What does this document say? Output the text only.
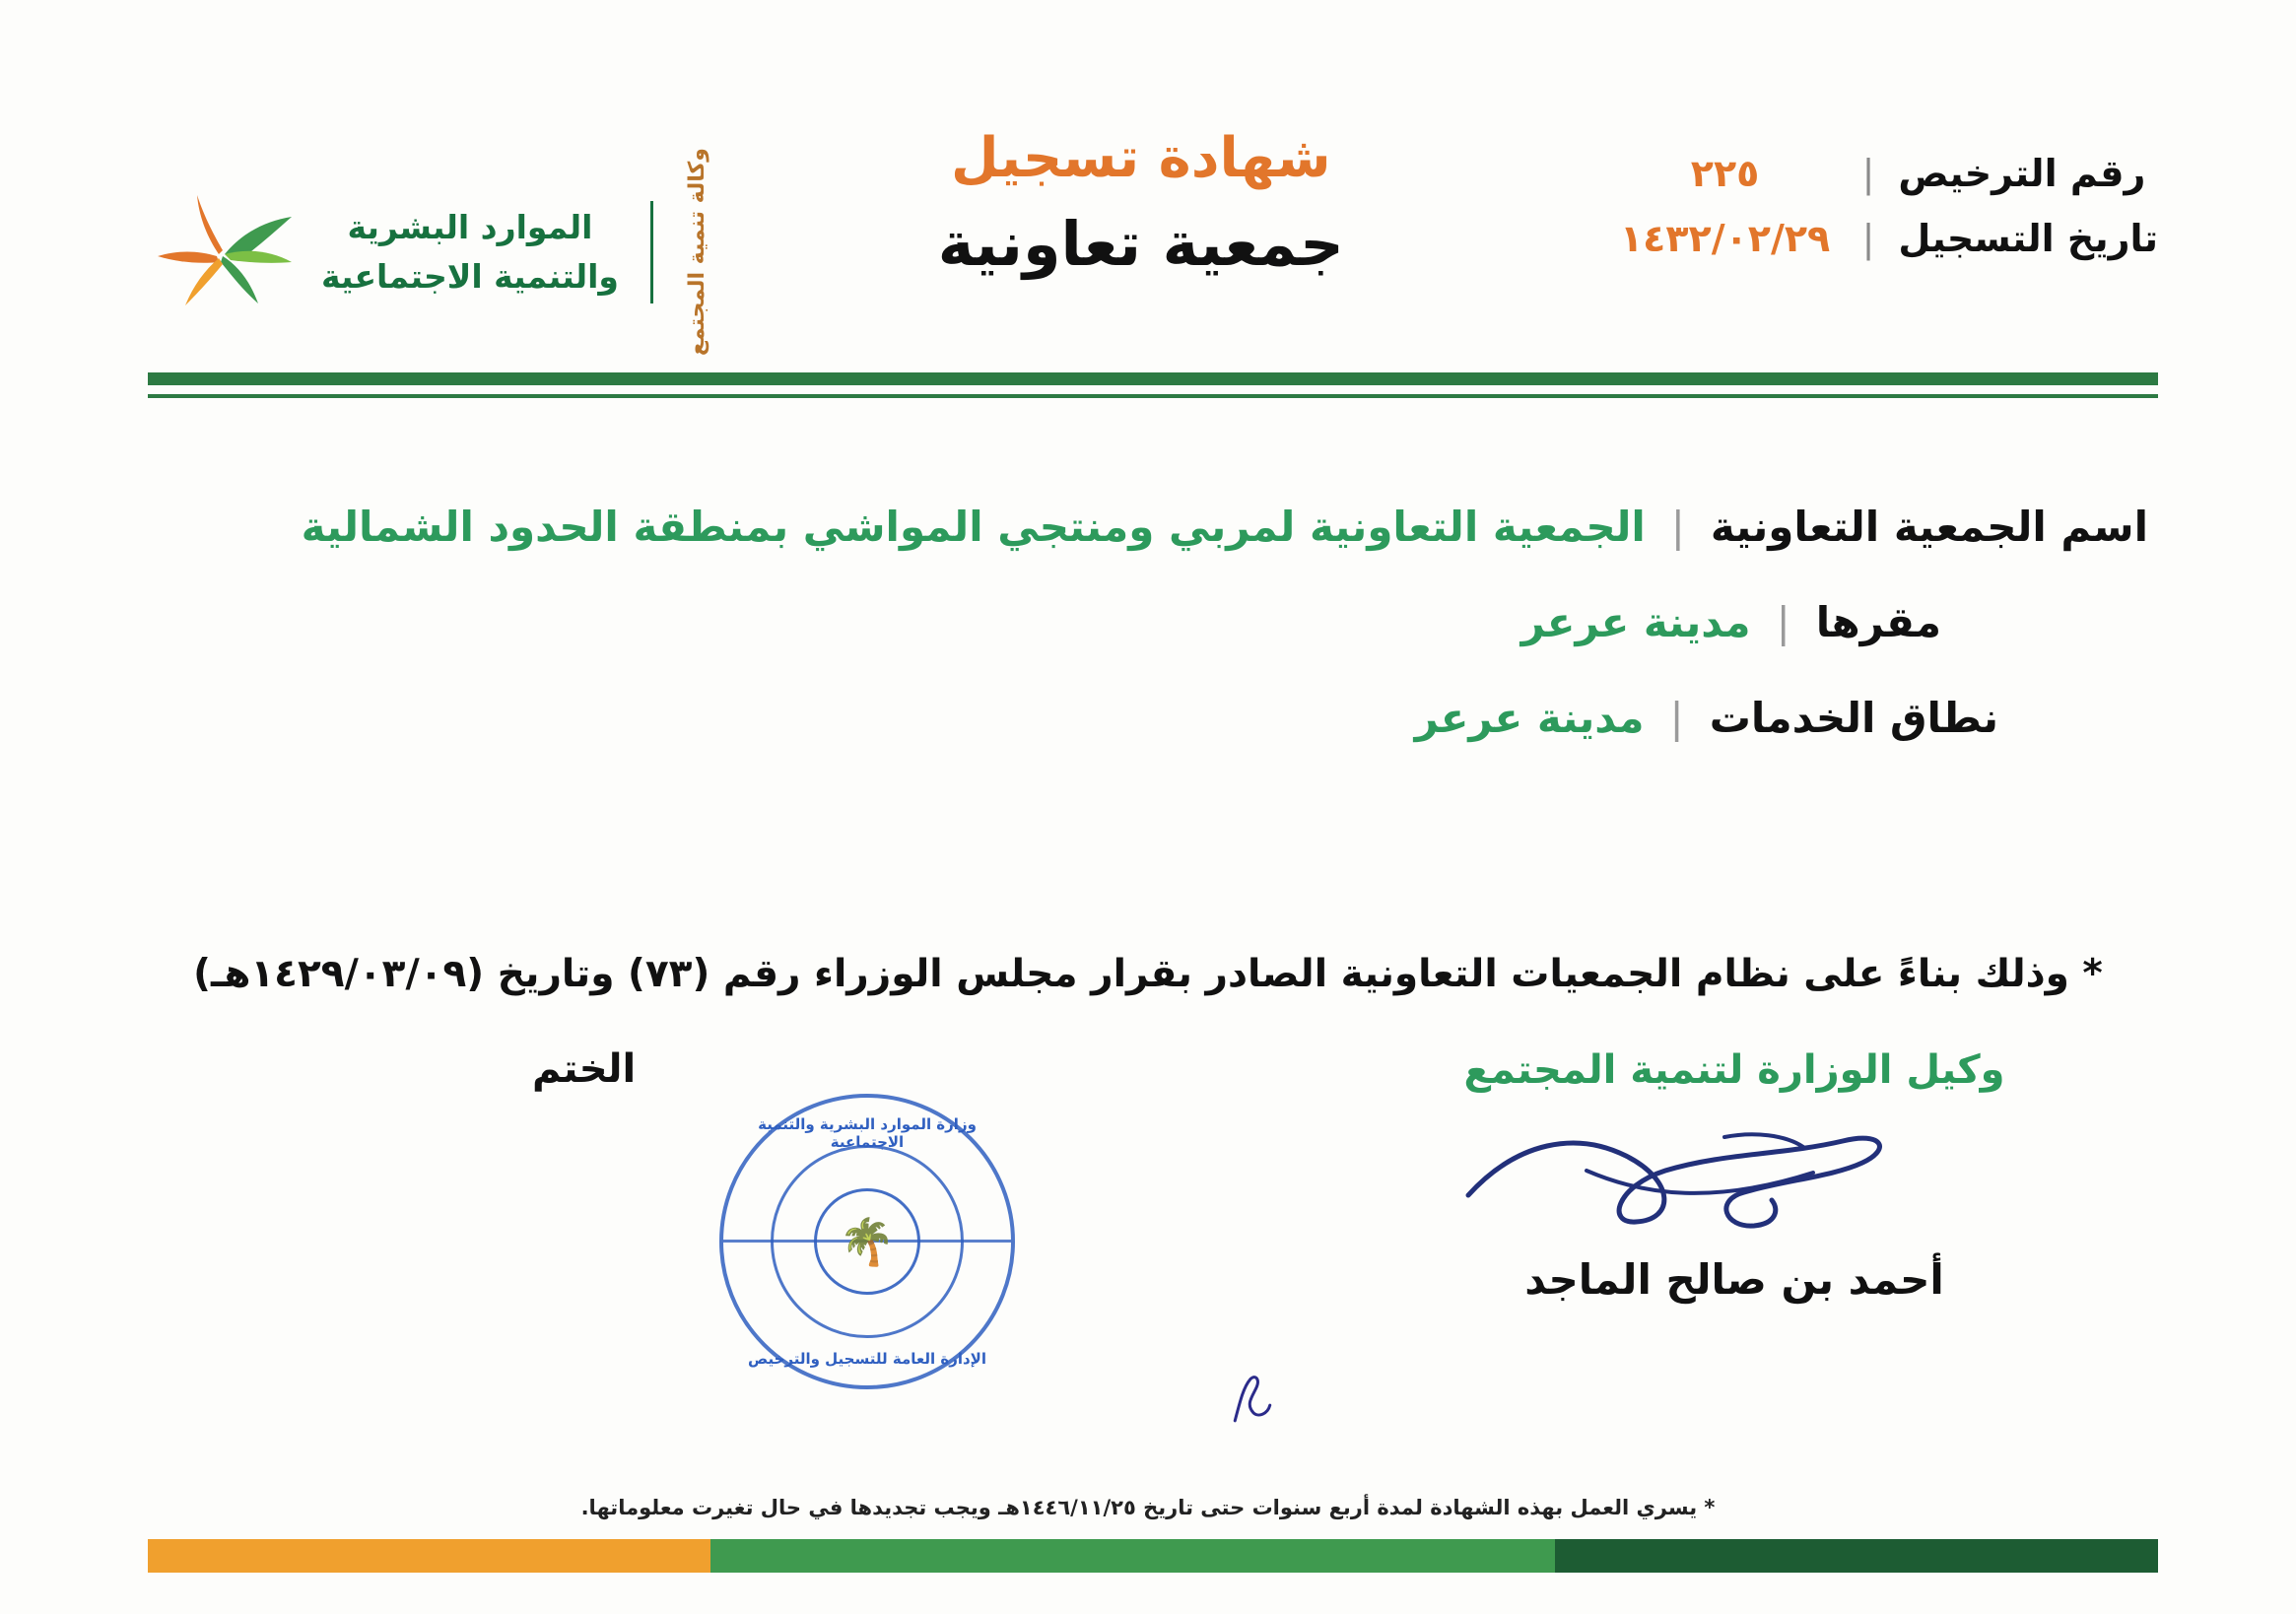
الموارد البشرية
والتنمية الاجتماعية	وكالة تنمية المجتمع	شهادة تسجيل
جمعية تعاونية
رقم الترخيص
|
٢٢٥
تاريخ التسجيل
|
١٤٣٢/٠٢/٢٩
اسم الجمعية التعاونية
|
الجمعية التعاونية لمربي ومنتجي المواشي بمنطقة الحدود الشمالية
مقرها
|
مدينة عرعر
نطاق الخدمات
|
مدينة عرعر
* وذلك بناءً على نظام الجمعيات التعاونية الصادر بقرار مجلس الوزراء رقم (٧٣) وتاريخ (١٤٢٩/٠٣/٠٩هـ)
وكيل الوزارة لتنمية المجتمع
أحمد بن صالح الماجد
الختم
🌴
وزارة الموارد البشرية والتنمية الاجتماعية
الإدارة العامة للتسجيل والترخيص
* يسري العمل بهذه الشهادة لمدة أربع سنوات حتى تاريخ ١٤٤٦/١١/٢٥هـ ويجب تجديدها في حال تغيرت معلوماتها.
